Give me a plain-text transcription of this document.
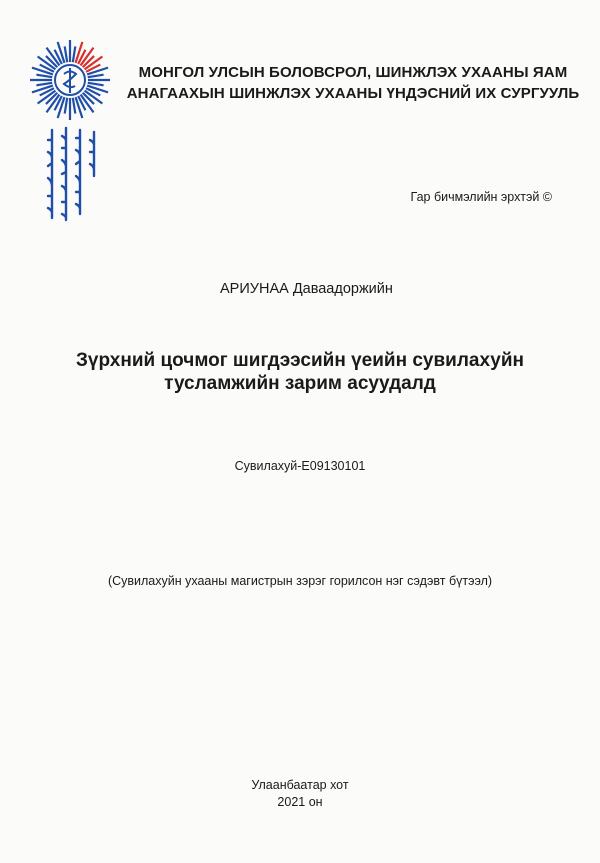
МОНГОЛ УЛСЫН БОЛОВСРОЛ, ШИНЖЛЭХ УХААНЫ ЯАМ
АНАГААХЫН ШИНЖЛЭХ УХААНЫ ҮНДЭСНИЙ ИХ СУРГУУЛЬ
Гар бичмэлийн эрхтэй ©
АРИУНАА Даваадоржийн
Зүрхний цочмог шигдээсийн үеийн сувилахуйн
тусламжийн зарим асуудалд
Сувилахуй-E09130101
(Сувилахуйн ухааны магистрын зэрэг горилсон нэг сэдэвт бүтээл)
Улаанбаатар хот
2021 он
